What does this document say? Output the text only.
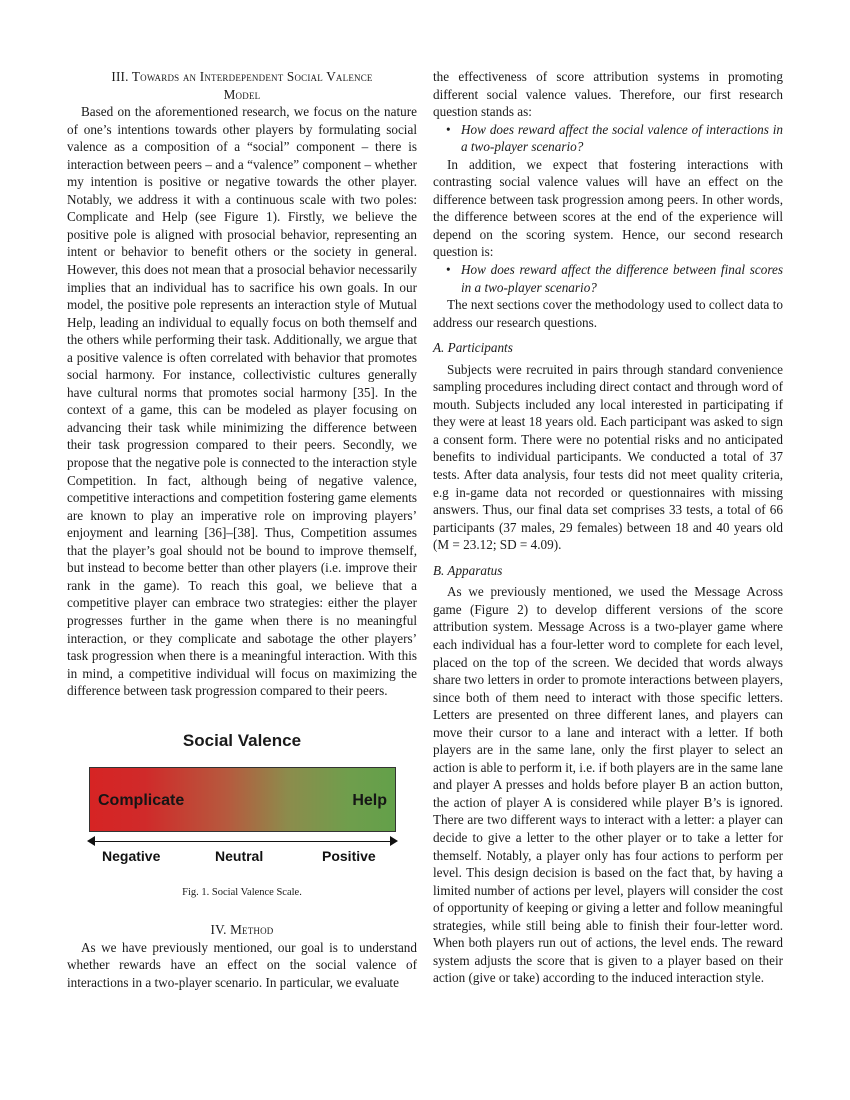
III. Towards an Interdependent Social Valence
Model

Based on the aforementioned research, we focus on the nature of one’s intentions towards other players by formulating social valence as a composition of a “social” component – there is interaction between peers – and a “valence” component – whether my intention is positive or negative towards the other player. Notably, we address it with a continuous scale with two poles: Complicate and Help (see Figure 1). Firstly, we believe the positive pole is aligned with prosocial behavior, representing an intent or behavior to benefit others or the society in general. However, this does not mean that a prosocial behavior necessarily implies that an individual has to sacrifice his own goals. In our model, the positive pole represents an interaction style of Mutual Help, leading an individual to equally focus on both themself and the others while performing their task. Additionally, we argue that a positive valence is often correlated with behavior that promotes social harmony. For instance, collectivistic cultures generally have cultural norms that promotes social harmony [35]. In the context of a game, this can be modeled as player focusing on advancing their task while minimizing the difference between their task progression compared to their peers. Secondly, we propose that the negative pole is connected to the interaction style Competition. In fact, although being of negative valence, competitive interactions and competition fostering game elements are known to play an imperative role on improving players’ enjoyment and learning [36]–[38]. Thus, Competition assumes that the player’s goal should not be bound to improve themself, but instead to become better than other players (i.e. improve their rank in the game). To reach this goal, we believe that a competitive player can embrace two strategies: either the player progresses further in the game when there is no meaningful interaction, or they complicate and sabotage the other players’ task progression when there is a meaningful interaction. With this in mind, a competitive individual will focus on maximizing the difference between task progression compared to their peers.

Social Valence
Complicate	Help
Negative	Neutral	Positive
Fig. 1. Social Valence Scale.
IV. Method

As we have previously mentioned, our goal is to understand whether rewards have an effect on the social valence of interactions in a two-player scenario. In particular, we evaluate

the effectiveness of score attribution systems in promoting different social valence values. Therefore, our first research question stands as:

• How does reward affect the social valence of interactions in a two-player scenario?

In addition, we expect that fostering interactions with contrasting social valence values will have an effect on the difference between task progression among peers. In other words, the difference between scores at the end of the experience will depend on the scoring system. Hence, our second research question is:

• How does reward affect the difference between final scores in a two-player scenario?

The next sections cover the methodology used to collect data to address our research questions.

A. Participants

Subjects were recruited in pairs through standard convenience sampling procedures including direct contact and through word of mouth. Subjects included any local interested in participating if they were at least 18 years old. Each participant was asked to sign a consent form. There were no potential risks and no anticipated benefits to individual participants. We conducted a total of 37 tests. After data analysis, four tests did not meet quality criteria, e.g in-game data not recorded or questionnaires with missing answers. Thus, our final data set comprises 33 tests, a total of 66 participants (37 males, 29 females) between 18 and 40 years old (M = 23.12; SD = 4.09).

B. Apparatus

As we previously mentioned, we used the Message Across game (Figure 2) to develop different versions of the score attribution system. Message Across is a two-player game where each individual has a four-letter word to complete for each level, placed on the top of the screen. We decided that words always share two letters in order to promote interactions between players, since both of them need to interact with those specific letters. Letters are presented on three different lanes, and players can move their cursor to a lane and interact with a letter. If both players are in the same lane, only the first player to select an action is able to perform it, i.e. if both players are in the same lane and player A presses and holds before player B an action button, the action of player A is considered while player B’s is ignored. There are two different ways to interact with a letter: a player can decide to give a letter to the other player or to take a letter for themself. Notably, a player only has four actions to perform per level. This design decision is based on the fact that, by having a limited number of actions per level, players will consider the cost of opportunity of keeping or giving a letter and follow meaningful strategies, while still being able to finish their four-letter word. When both players run out of actions, the level ends. The reward system adjusts the score that is given to a player based on their action (give or take) according to the induced interaction style.
